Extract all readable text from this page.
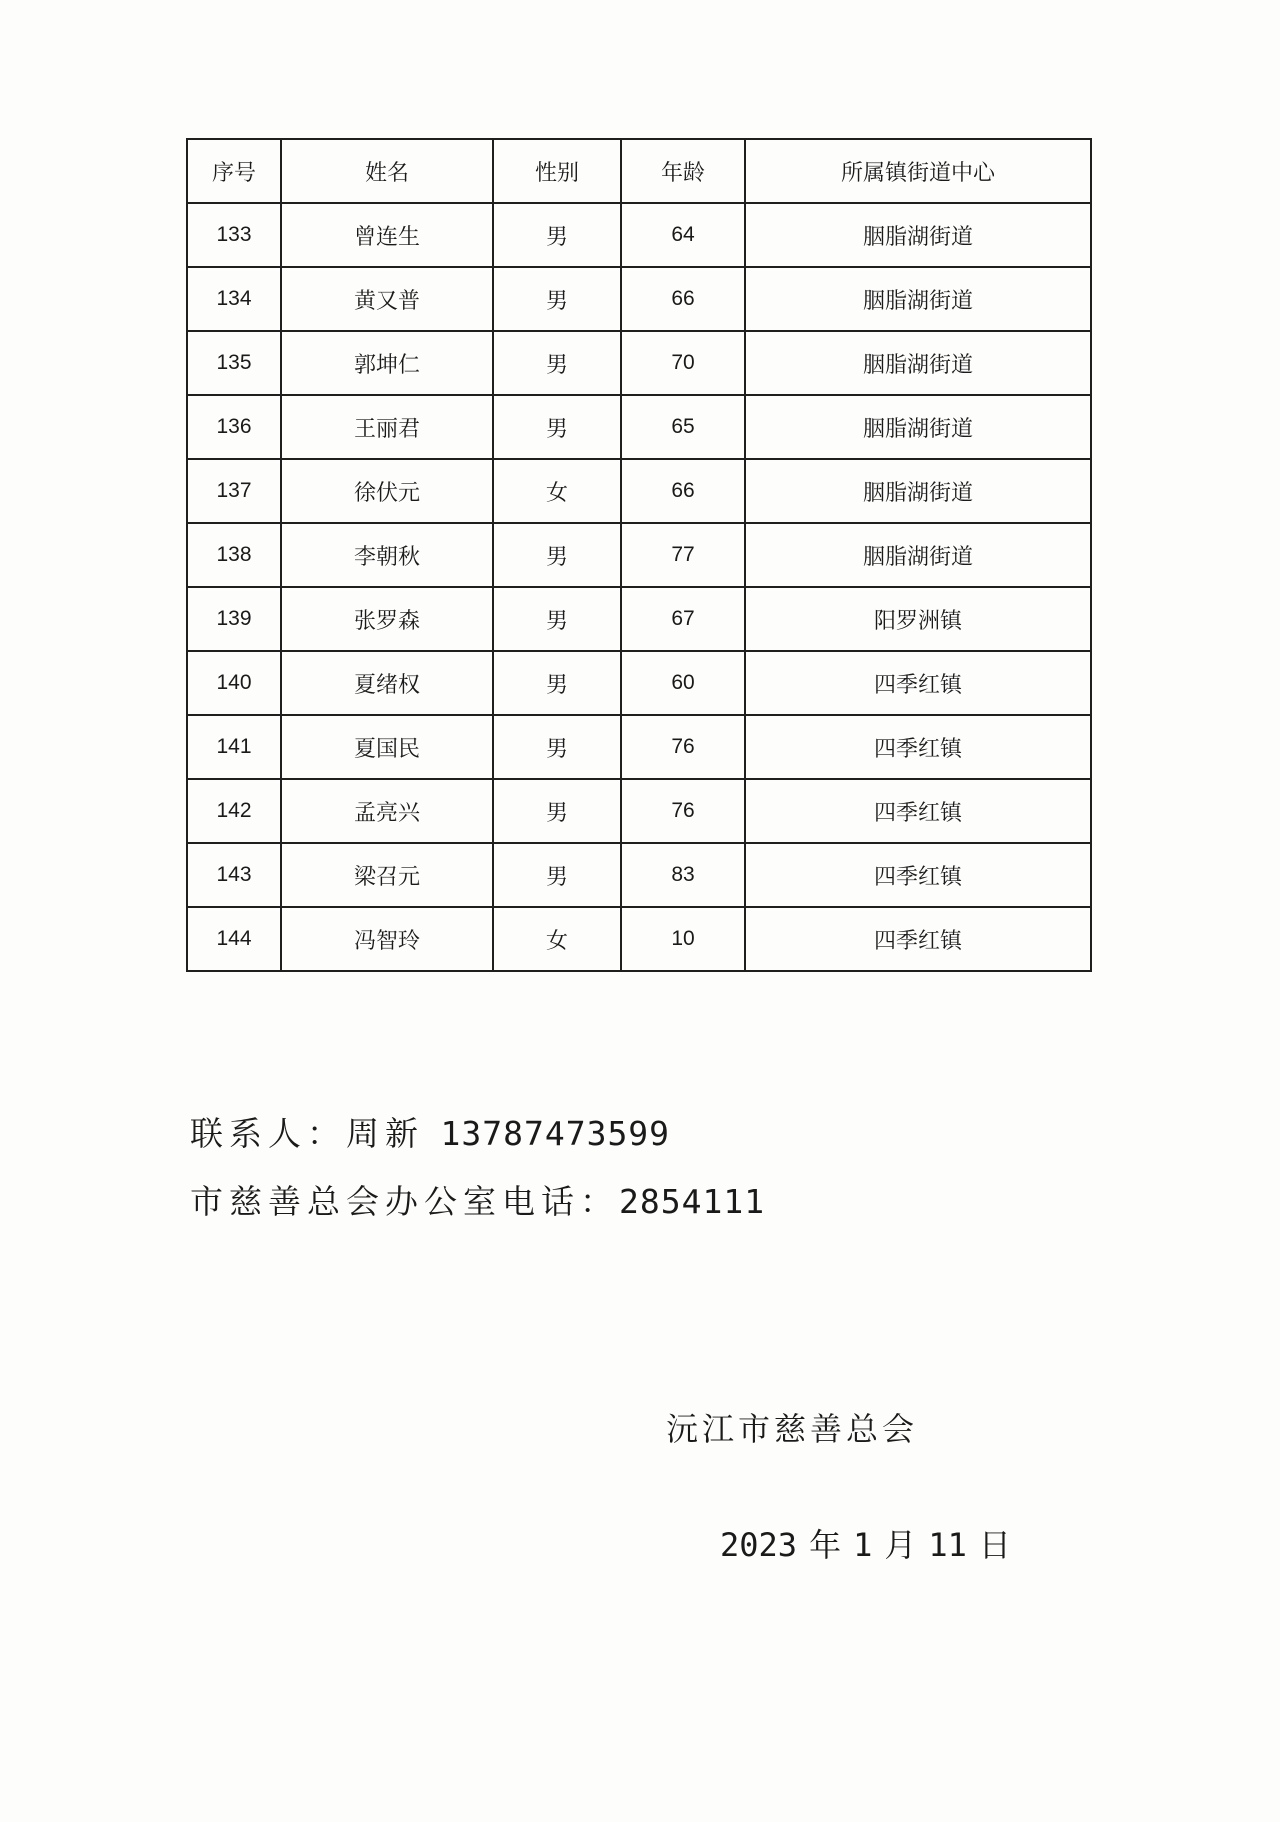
序号	姓名	性别	年龄	所属镇街道中心
133	曾连生	男	64	胭脂湖街道
134	黄又普	男	66	胭脂湖街道
135	郭坤仁	男	70	胭脂湖街道
136	王丽君	男	65	胭脂湖街道
137	徐伏元	女	66	胭脂湖街道
138	李朝秋	男	77	胭脂湖街道
139	张罗森	男	67	阳罗洲镇
140	夏绪权	男	60	四季红镇
141	夏国民	男	76	四季红镇
142	孟亮兴	男	76	四季红镇
143	梁召元	男	83	四季红镇
144	冯智玲	女	10	四季红镇
联系人：周新 13787473599
市慈善总会办公室电话：2854111
沅江市慈善总会
2023 年 1 月 11 日
